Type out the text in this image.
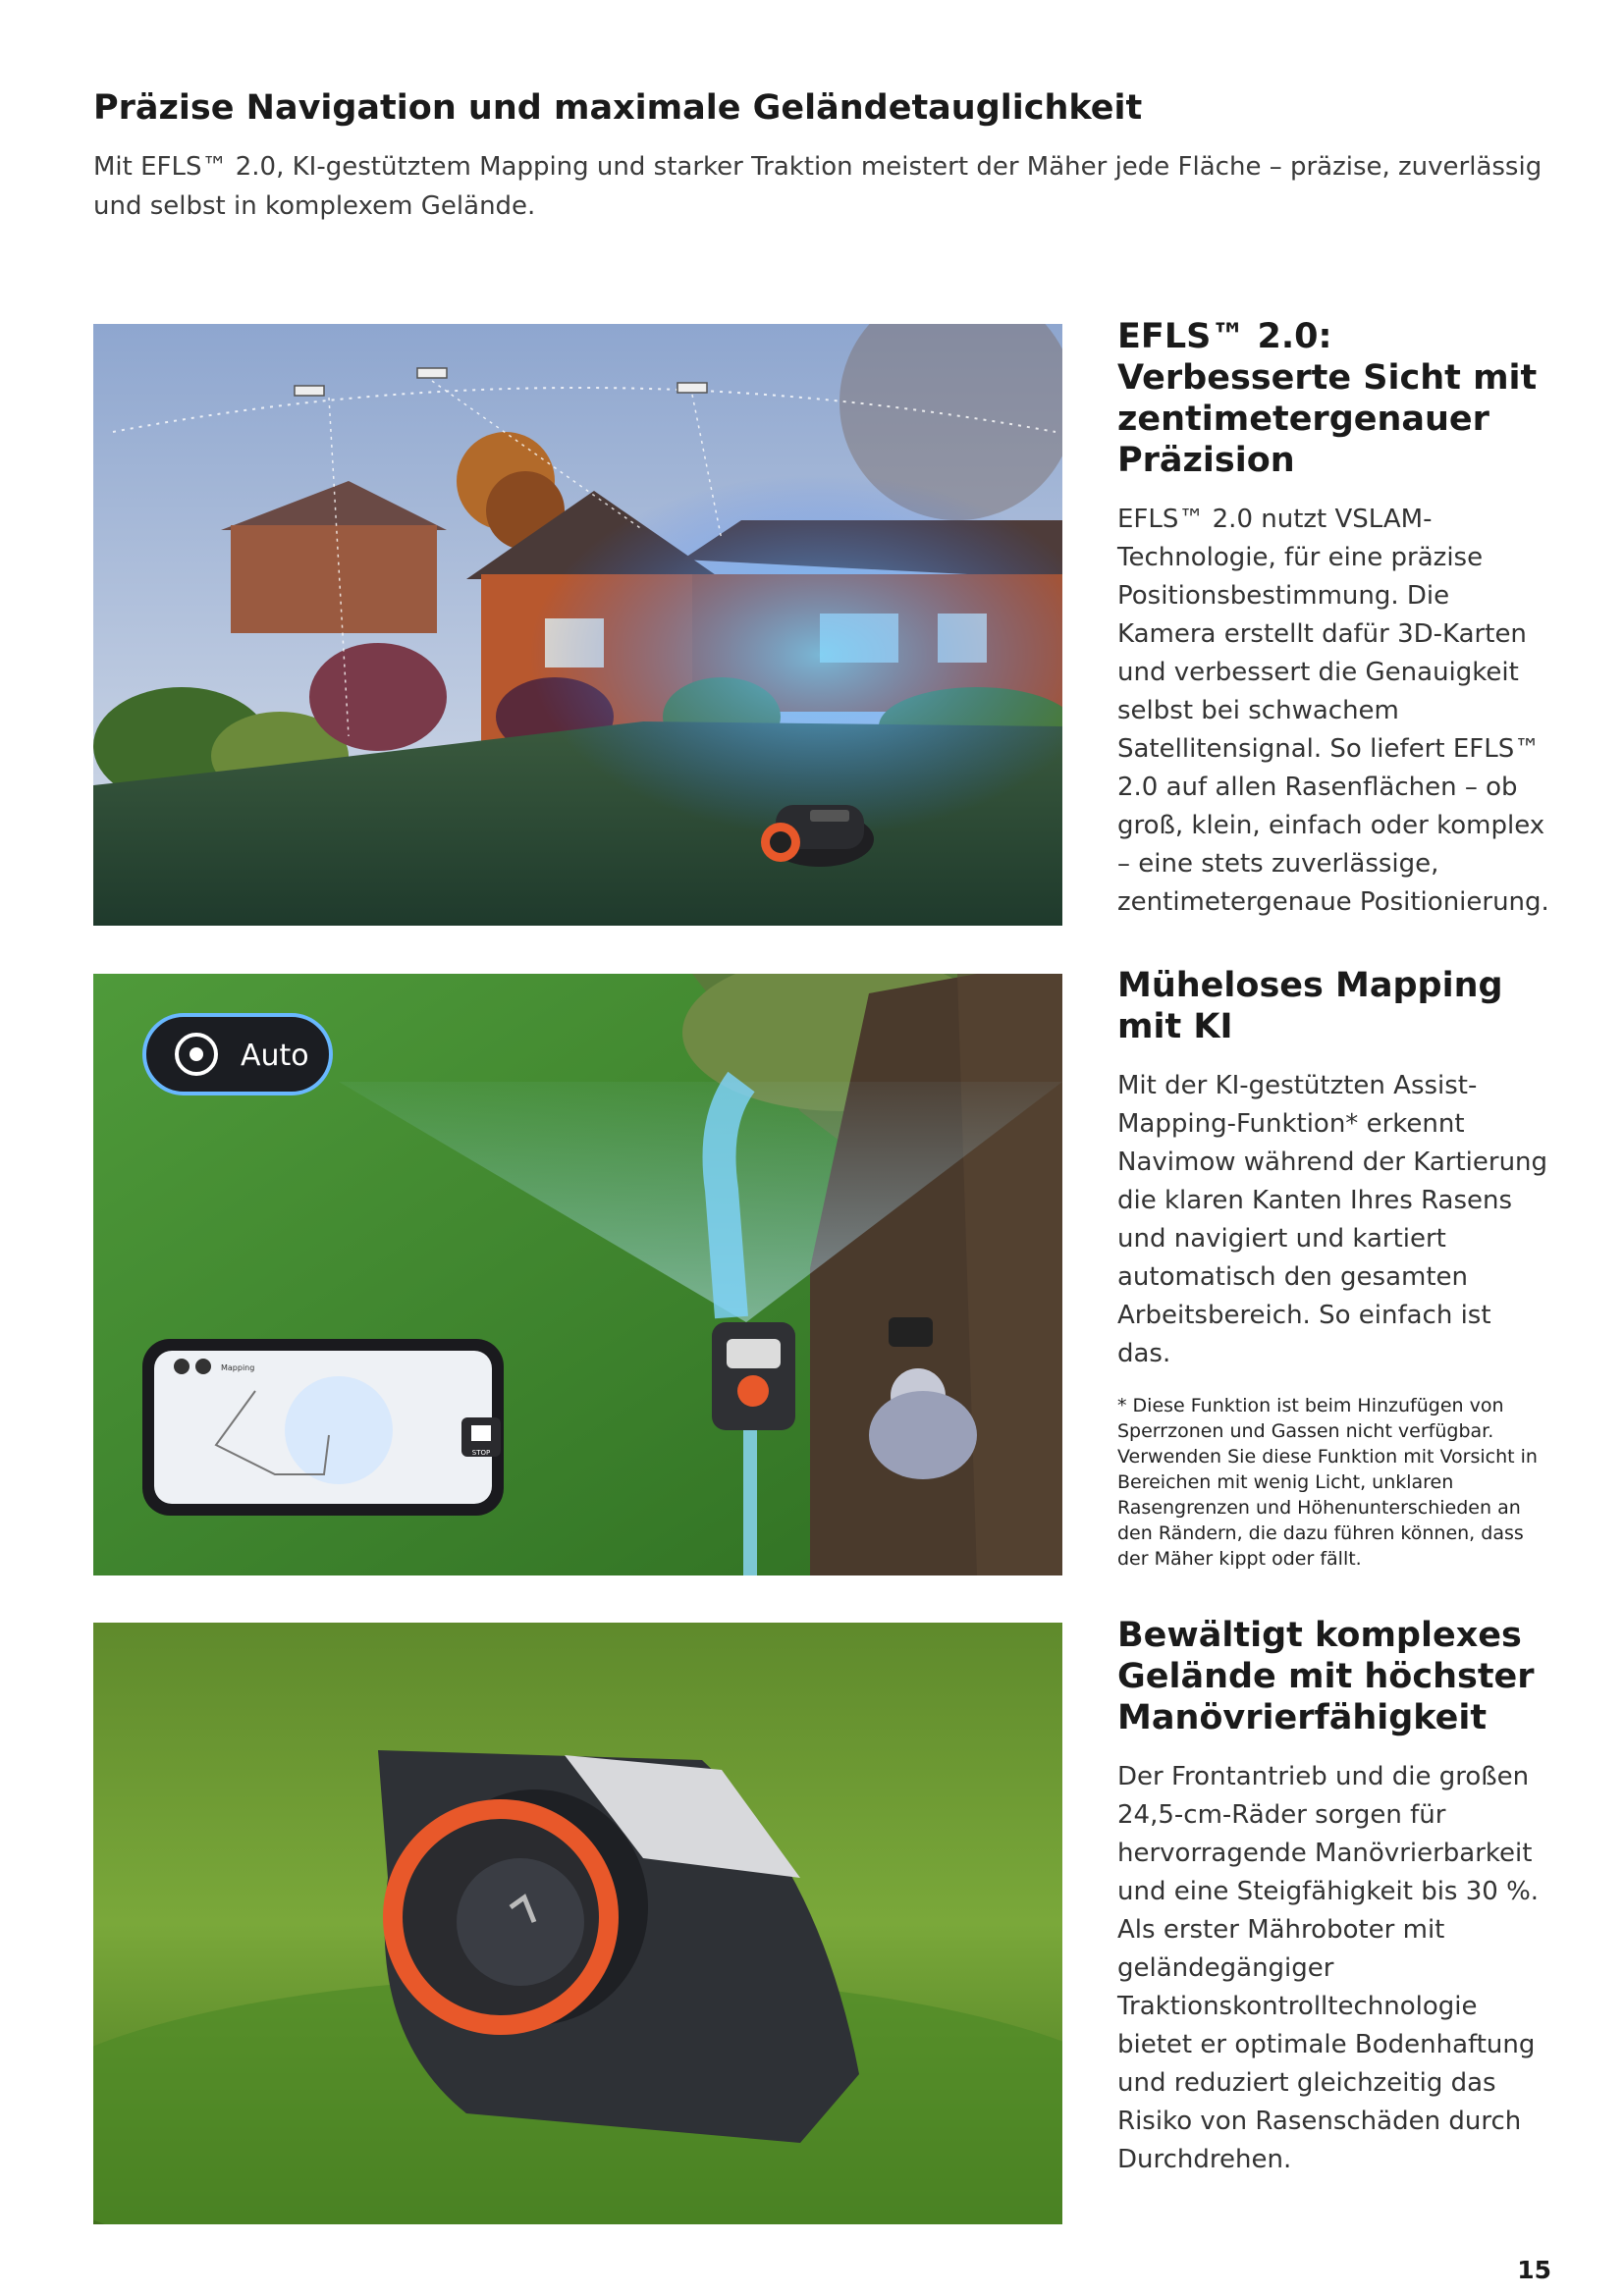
Präzise Navigation und maximale Geländetauglichkeit

Mit EFLS™ 2.0, KI-gestütztem Mapping und starker Traktion meistert der Mäher jede Fläche – präzise, zuverlässig und selbst in komplexem Gelände.

EFLS™ 2.0: Verbesserte Sicht mit zentimetergenauer Präzision

EFLS™ 2.0 nutzt VSLAM-Technologie, für eine präzise Positionsbestimmung. Die Kamera erstellt dafür 3D-Karten und verbessert die Genauigkeit selbst bei schwachem Satellitensignal. So liefert EFLS™ 2.0 auf allen Rasenflächen – ob groß, klein, einfach oder komplex – eine stets zuverlässige, zentimetergenaue Positionierung.

Auto
Mapping
STOP
Müheloses Mapping mit KI

Mit der KI-gestützten Assist-Mapping-Funktion* erkennt Navimow während der Kartierung die klaren Kanten Ihres Rasens und navigiert und kartiert automatisch den gesamten Arbeitsbereich. So einfach ist das.

* Diese Funktion ist beim Hinzufügen von Sperrzonen und Gassen nicht verfügbar. Verwenden Sie diese Funktion mit Vorsicht in Bereichen mit wenig Licht, unklaren Rasengrenzen und Höhenunterschieden an den Rändern, die dazu führen können, dass der Mäher kippt oder fällt.

Bewältigt komplexes Gelände mit höchster Manövrierfähigkeit

Der Frontantrieb und die großen 24,5-cm-Räder sorgen für hervorragende Manövrierbarkeit und eine Steigfähigkeit bis 30 %. Als erster Mähroboter mit geländegängiger Traktionskontrolltechnologie bietet er optimale Bodenhaftung und reduziert gleichzeitig das Risiko von Rasenschäden durch Durchdrehen.

15
